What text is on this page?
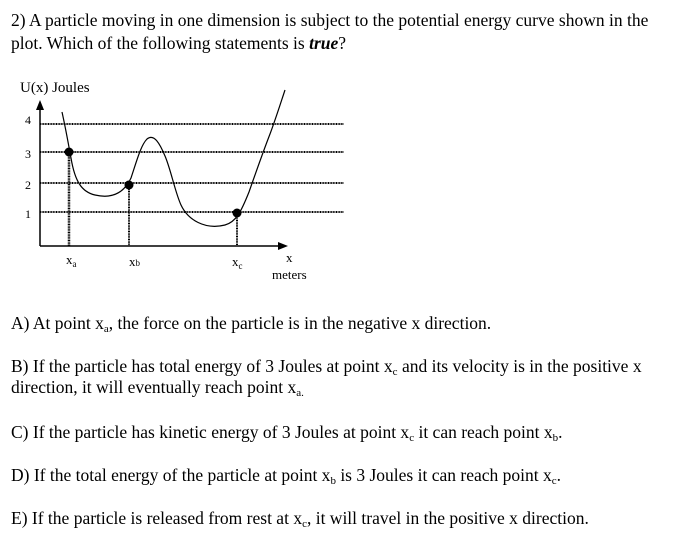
2) A particle moving in one dimension is subject to the potential energy curve shown in the plot. Which of the following statements is true?
U(x) Joules
4
3
2
1
$x_a$	xb	$x_c$
x
meters
A) At point $x_a$, the force on the particle is in the negative x direction.
B) If the particle has total energy of 3 Joules at point $x_c$ and its velocity is in the positive x direction, it will eventually reach point $x_{a.}$
C) If the particle has kinetic energy of 3 Joules at point $x_c$ it can reach point $x_b$.
D) If the total energy of the particle at point $x_b$ is 3 Joules it can reach point $x_c$.
E) If the particle is released from rest at $x_c$, it will travel in the positive x direction.
